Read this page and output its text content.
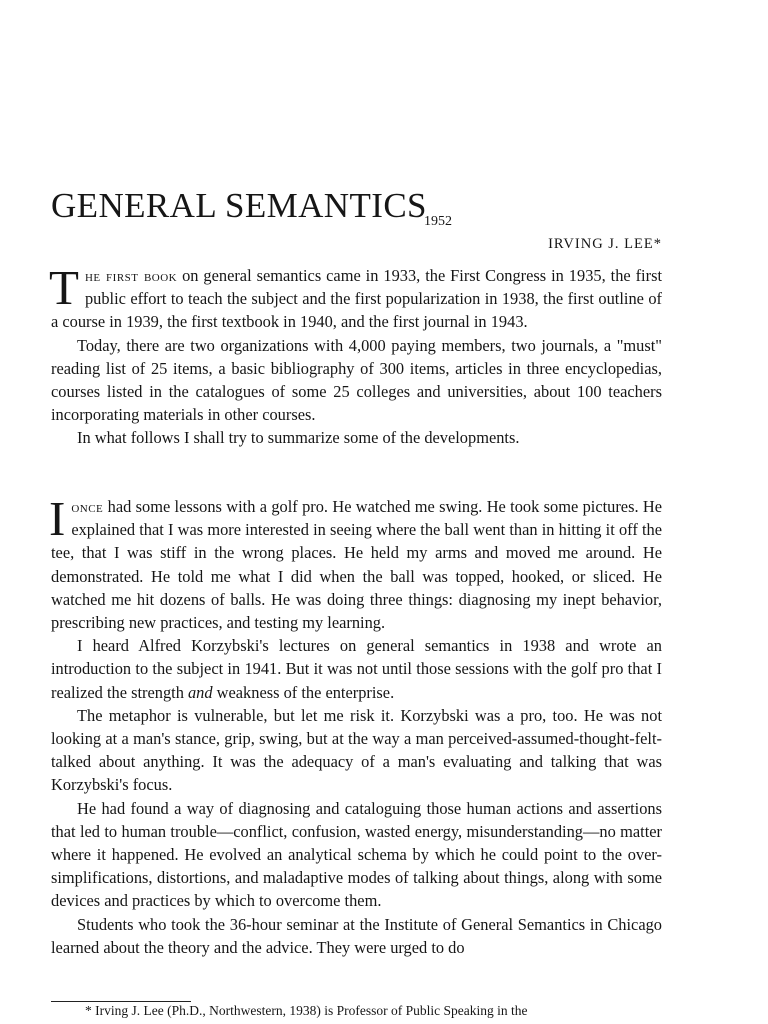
GENERAL SEMANTICS
1952
IRVING J. LEE*

The first book on general semantics came in 1933, the First Congress in 1935, the first public effort to teach the subject and the first popularization in 1938, the first outline of a course in 1939, the first textbook in 1940, and the first journal in 1943.

Today, there are two organizations with 4,000 paying members, two journals, a "must" reading list of 25 items, a basic bibliography of 300 items, articles in three encyclopedias, courses listed in the catalogues of some 25 colleges and universities, about 100 teachers incorporating materials in other courses.

In what follows I shall try to summarize some of the developments.

Ionce had some lessons with a golf pro. He watched me swing. He took some pictures. He explained that I was more interested in seeing where the ball went than in hitting it off the tee, that I was stiff in the wrong places. He held my arms and moved me around. He demonstrated. He told me what I did when the ball was topped, hooked, or sliced. He watched me hit dozens of balls. He was doing three things: diagnosing my inept behavior, prescribing new practices, and testing my learning.

I heard Alfred Korzybski's lectures on general semantics in 1938 and wrote an introduction to the subject in 1941. But it was not until those sessions with the golf pro that I realized the strength and weakness of the enterprise.

The metaphor is vulnerable, but let me risk it. Korzybski was a pro, too. He was not looking at a man's stance, grip, swing, but at the way a man perceived-assumed-thought-felt-talked about anything. It was the adequacy of a man's evaluating and talking that was Korzybski's focus.

He had found a way of diagnosing and cataloguing those human actions and assertions that led to human trouble—conflict, confusion, wasted energy, misunderstanding—no matter where it happened. He evolved an analytical schema by which he could point to the over-simplifications, distortions, and maladaptive modes of talking about things, along with some devices and practices by which to overcome them.

Students who took the 36-hour seminar at the Institute of General Semantics in Chicago learned about the theory and the advice. They were urged to do

* Irving J. Lee (Ph.D., Northwestern, 1938) is Professor of Public Speaking in the
